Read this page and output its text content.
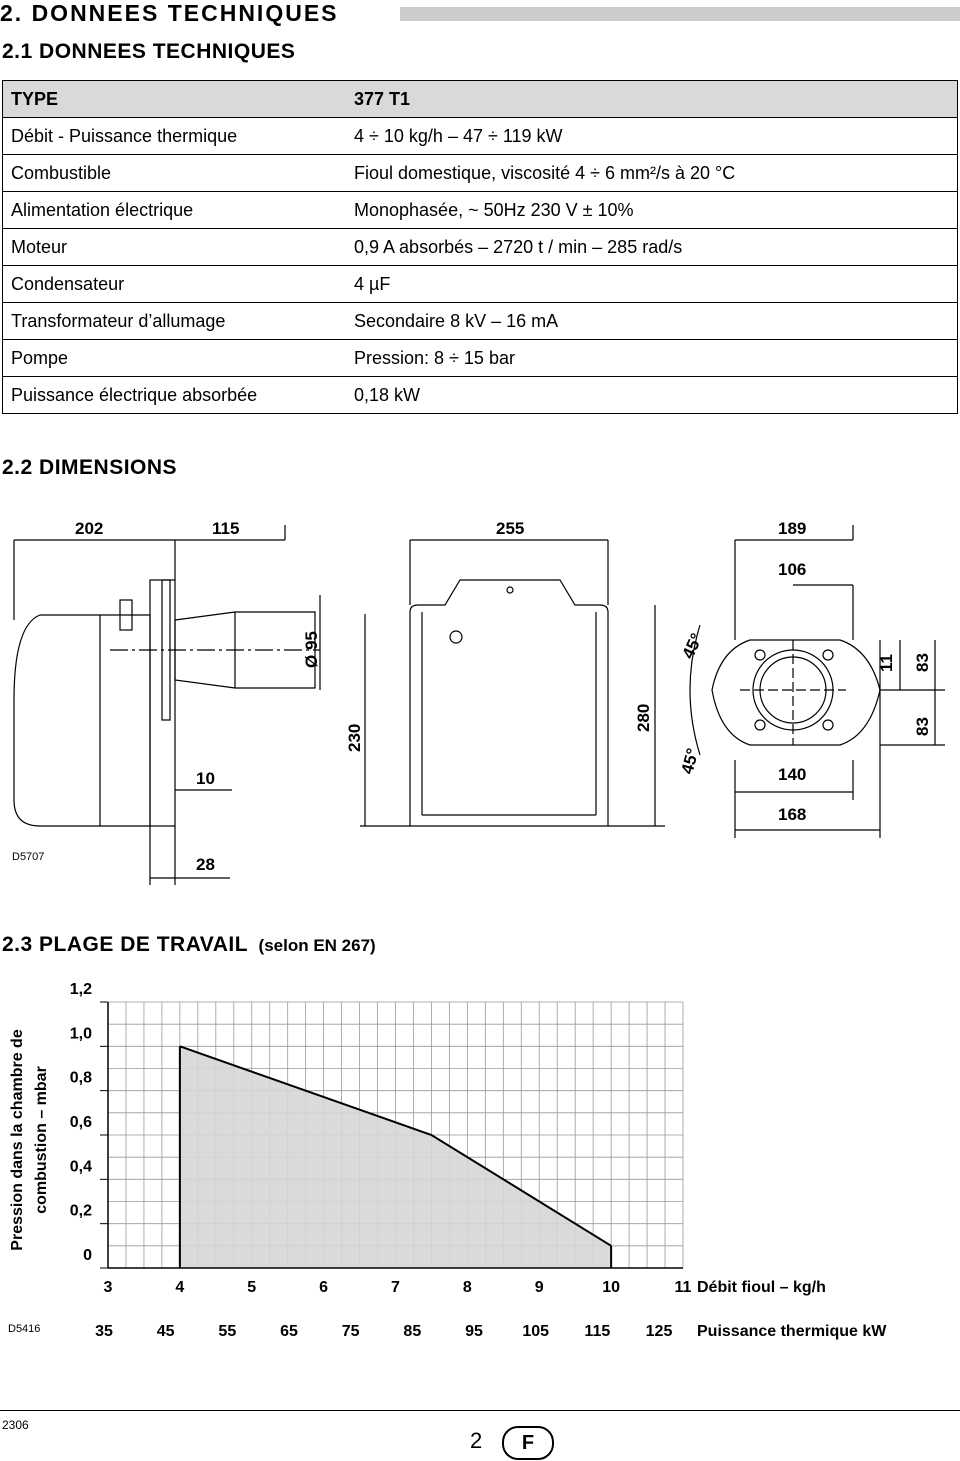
2. DONNEES TECHNIQUES
2.1 DONNEES TECHNIQUES
TYPE	377 T1
Débit - Puissance thermique	4 ÷ 10 kg/h – 47 ÷ 119 kW
Combustible	Fioul domestique, viscosité 4 ÷ 6 mm²/s à 20 °C
Alimentation électrique	Monophasée, ~ 50Hz 230 V ± 10%
Moteur	0,9 A absorbés – 2720 t / min – 285 rad/s
Condensateur	4 µF
Transformateur d’allumage	Secondaire 8 kV – 16 mA
Pompe	Pression: 8 ÷ 15 bar
Puissance électrique absorbée	0,18 kW
2.2 DIMENSIONS
202	115	255	189
106
Ø 95
10
28
D5707
230
280
45°
45°
11 83
83
140
168
2.3 PLAGE DE TRAVAIL (selon EN 267)
0
0,2
0,4
0,6
0,8
1,0
1,2
3	4	5	6	7	8	9	10	11 Débit fioul – kg/h
35	45	55	65	75	85	95 105 115 125 Puissance thermique kW
Pression dans la chambre de combustion – mbar
D5416
2306
2	F
